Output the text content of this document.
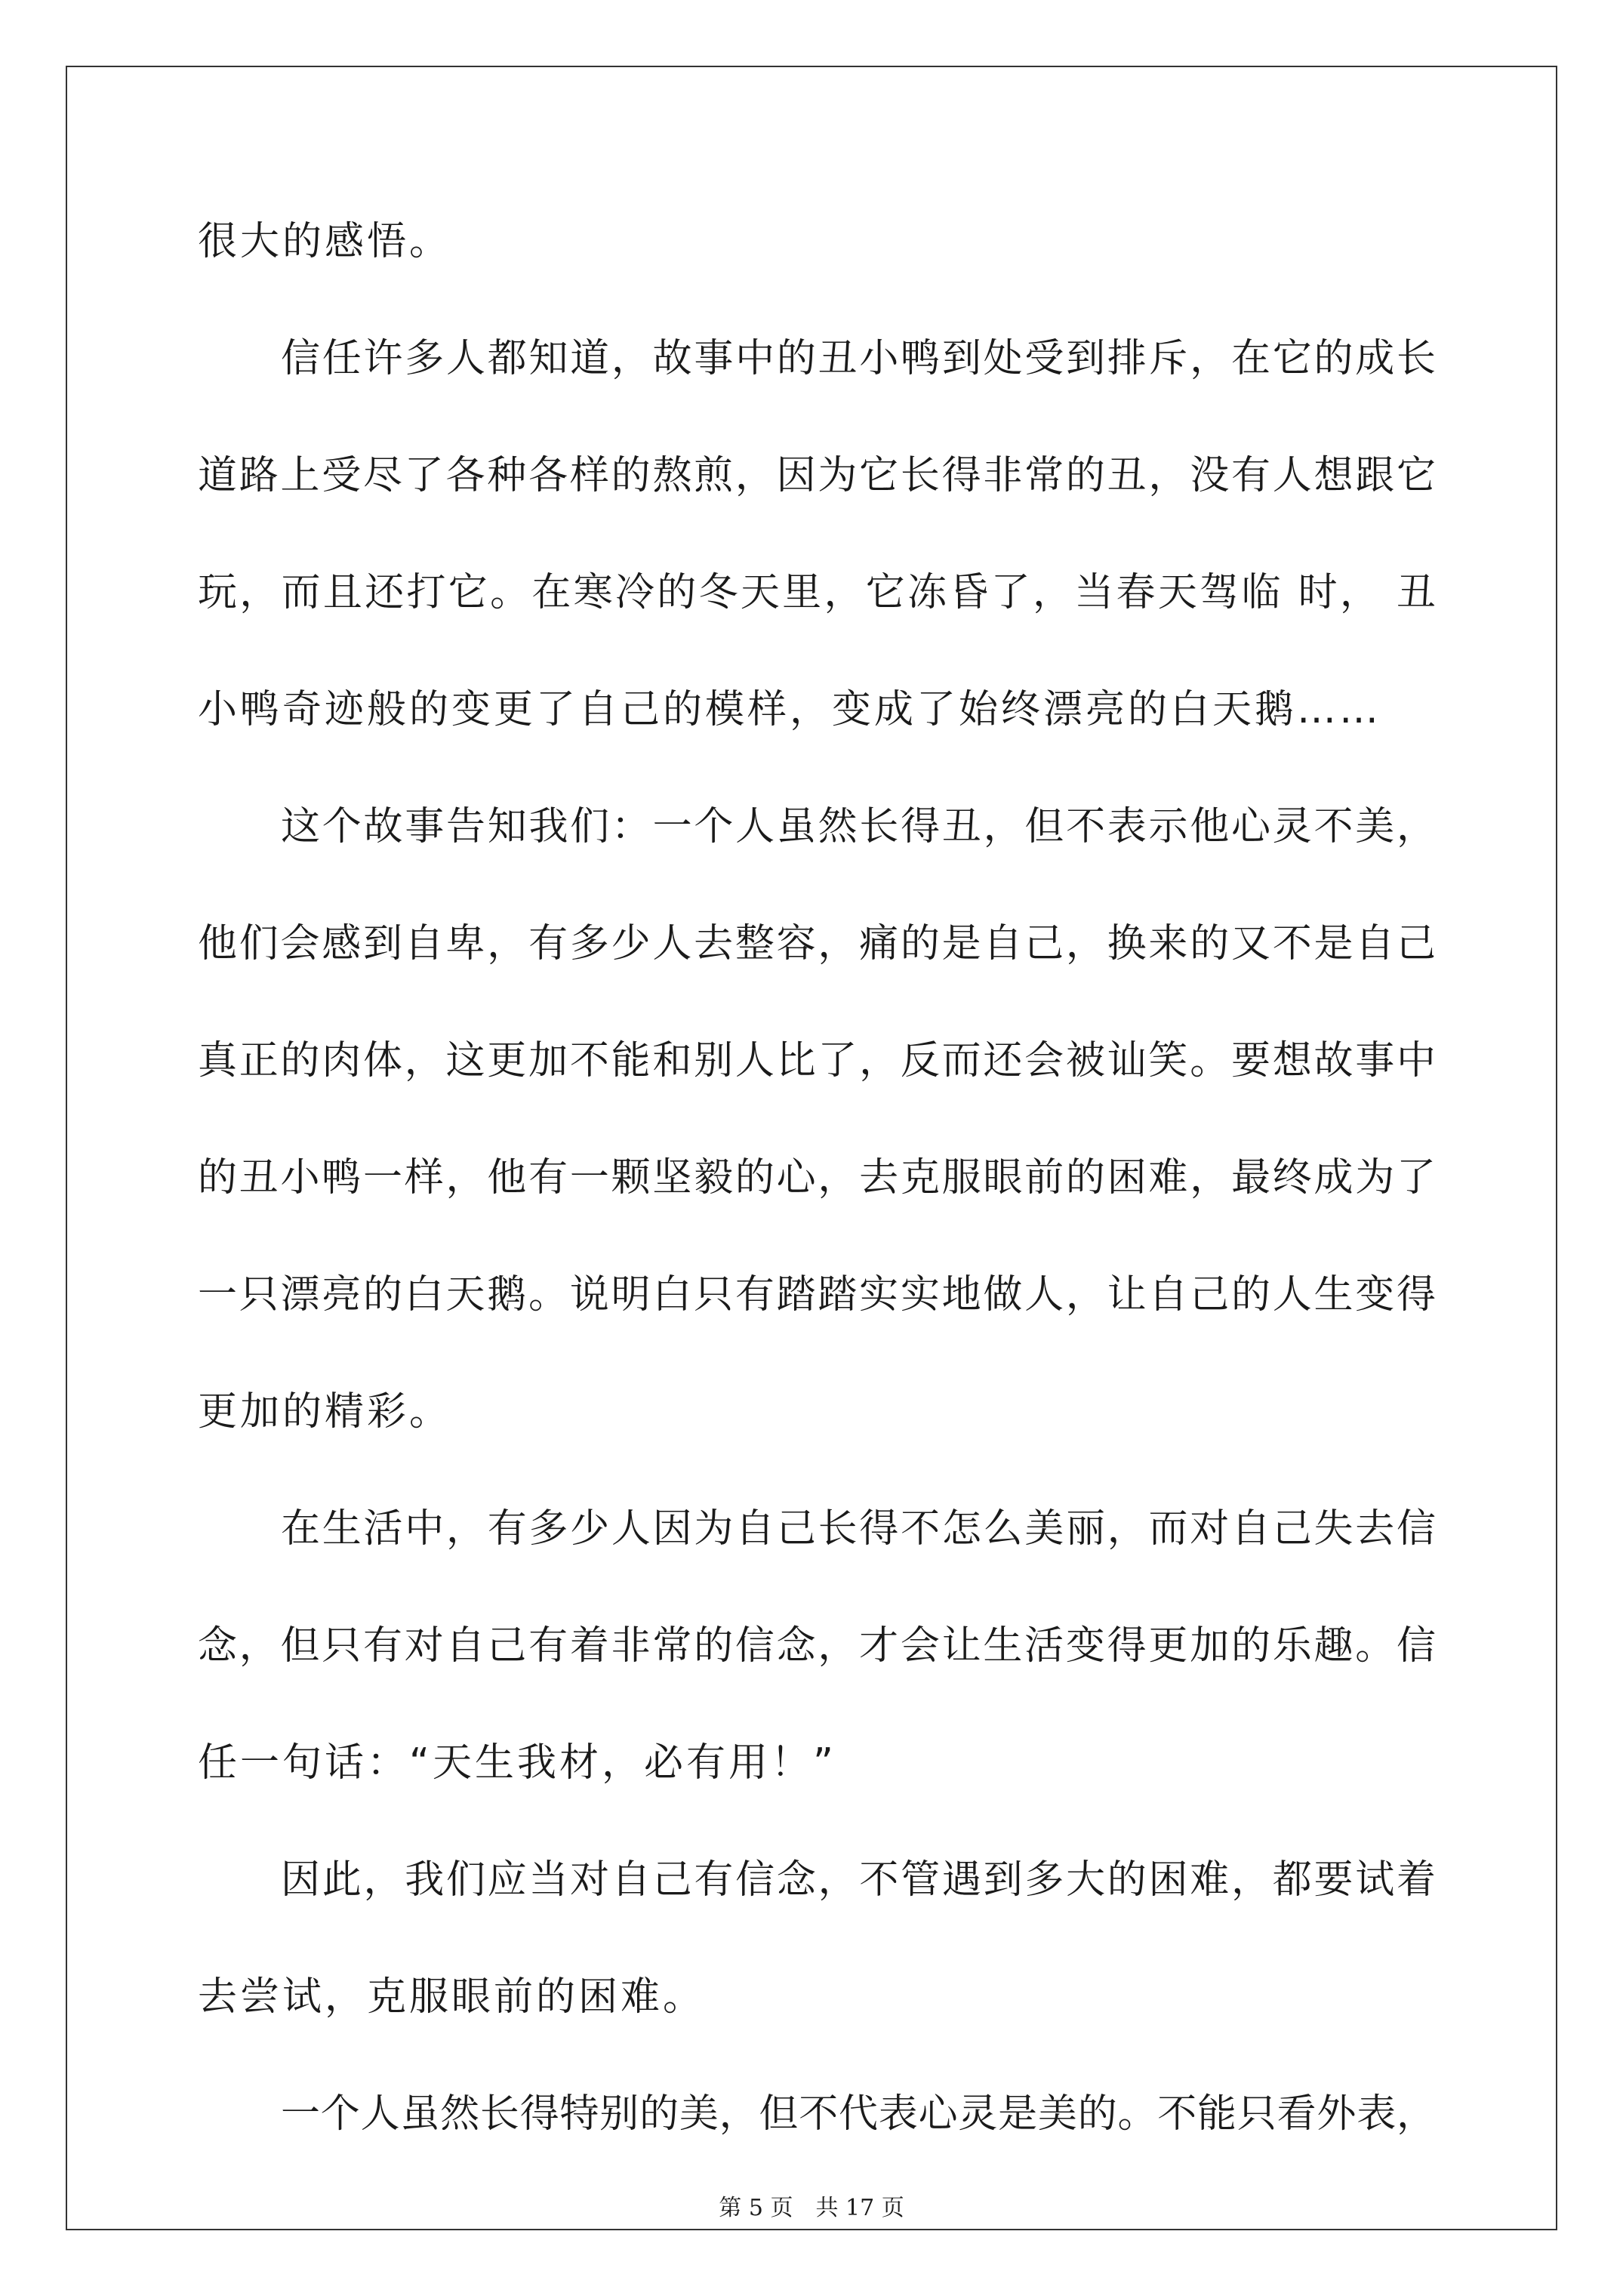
很大的感悟。
信任许多人都知道，故事中的丑小鸭到处受到排斥，在它的成长
道路上受尽了各种各样的熬煎，因为它长得非常的丑，没有人想跟它
玩，而且还打它。在寒冷的冬天里，它冻昏了，当春天驾临 时， 丑
小鸭奇迹般的变更了自己的模样，变成了始终漂亮的白天鹅……
这个故事告知我们：一个人虽然长得丑，但不表示他心灵不美，
他们会感到自卑，有多少人去整容，痛的是自己，换来的又不是自己
真正的肉体，这更加不能和别人比了，反而还会被讪笑。要想故事中
的丑小鸭一样，他有一颗坚毅的心，去克服眼前的困难，最终成为了
一只漂亮的白天鹅。说明白只有踏踏实实地做人，让自己的人生变得
更加的精彩。
在生活中，有多少人因为自己长得不怎么美丽，而对自己失去信
念，但只有对自己有着非常的信念，才会让生活变得更加的乐趣。信
任一句话：“天生我材，必有用！”
因此，我们应当对自己有信念，不管遇到多大的困难，都要试着
去尝试，克服眼前的困难。
一个人虽然长得特别的美，但不代表心灵是美的。不能只看外表，
第 5 页　共 17 页
